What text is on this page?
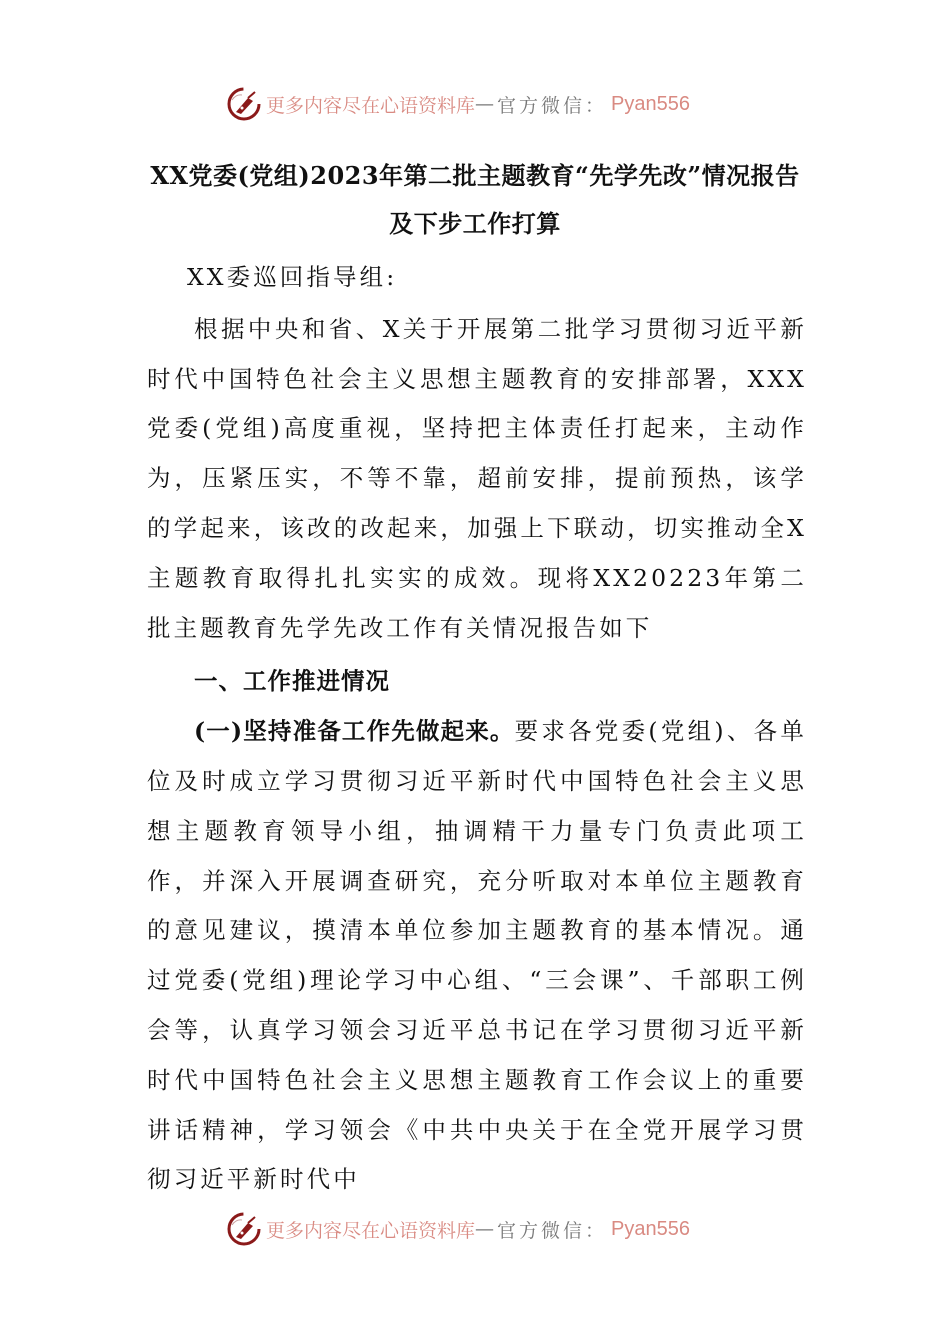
更多内容尽在心语资料库 — 官方微信： Pyan556
XX党委(党组)2023年第二批主题教育“先学先改”情况报告及下步工作打算

XX委巡回指导组:

根据中央和省、X关于开展第二批学习贯彻习近平新时代中国特色社会主义思想主题教育的安排部署，XXX党委(党组)高度重视，坚持把主体责任打起来，主动作为，压紧压实，不等不靠，超前安排，提前预热，该学的学起来，该改的改起来，加强上下联动，切实推动全X主题教育取得扎扎实实的成效。现将XX20223年第二批主题教育先学先改工作有关情况报告如下

一、工作推进情况

(一)坚持准备工作先做起来。要求各党委(党组)、各单位及时成立学习贯彻习近平新时代中国特色社会主义思想主题教育领导小组，抽调精干力量专门负责此项工作，并深入开展调查研究，充分听取对本单位主题教育的意见建议，摸清本单位参加主题教育的基本情况。通过党委(党组)理论学习中心组、“三会课”、千部职工例会等，认真学习领会习近平总书记在学习贯彻习近平新时代中国特色社会主义思想主题教育工作会议上的重要讲话精神，学习领会《中共中央关于在全党开展学习贯彻习近平新时代中

更多内容尽在心语资料库 — 官方微信： Pyan556
